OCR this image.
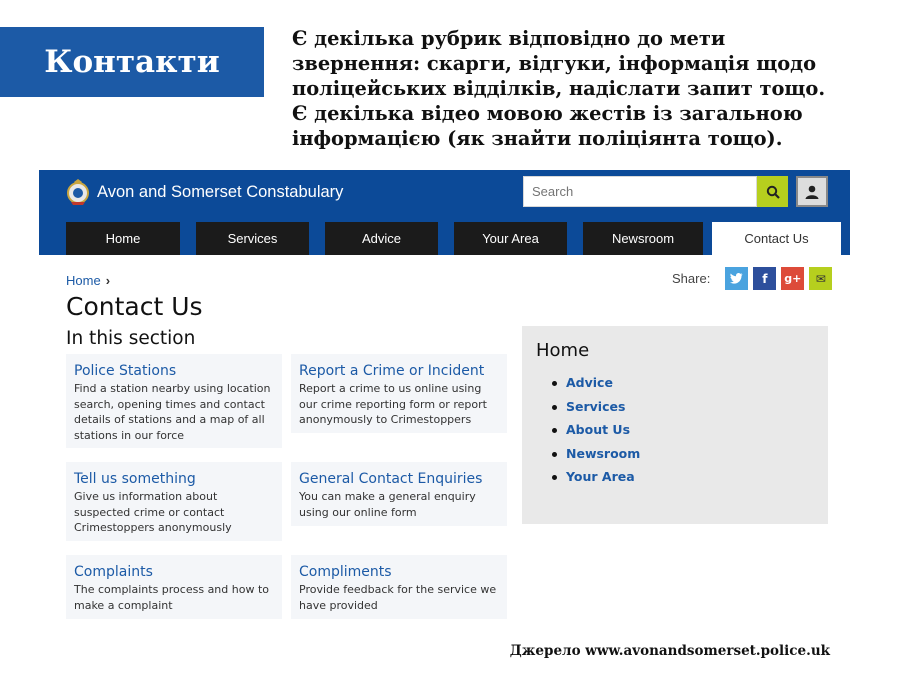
Контакти
Є декілька рубрик відповідно до мети
звернення: скарги, відгуки, інформація щодо
поліцейських відділків, надіслати запит тощо.
Є декілька відео мовою жестів із загальною
інформацією (як знайти поліціянта тощо).
Avon and Somerset Constabulary
Search
Home	Services	Advice	Your Area	Newsroom	Contact Us
Home ›	Share:	f	g+	✉
Contact Us
In this section
Police Stations
Find a station nearby using location search, opening times and contact details of stations and a map of all stations in our force
Report a Crime or Incident
Report a crime to us online using our crime reporting form or report anonymously to Crimestoppers
Tell us something
Give us information about suspected crime or contact Crimestoppers anonymously
General Contact Enquiries
You can make a general enquiry using our online form
Complaints
The complaints process and how to make a complaint
Compliments
Provide feedback for the service we have provided
Home
Advice
Services
About Us
Newsroom
Your Area
Джерело www.avonandsomerset.police.uk
